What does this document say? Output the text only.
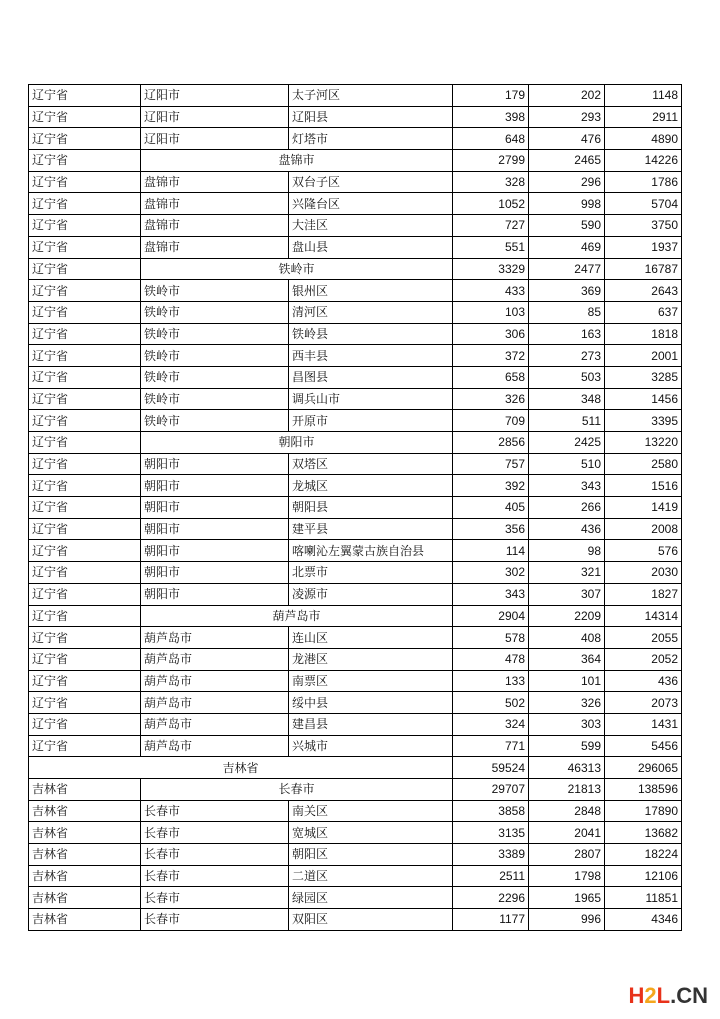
辽宁省	辽阳市	太子河区	179	202	1148
辽宁省	辽阳市	辽阳县	398	293	2911
辽宁省	辽阳市	灯塔市	648	476	4890
辽宁省	盘锦市		2799	2465	14226
辽宁省	盘锦市	双台子区	328	296	1786
辽宁省	盘锦市	兴隆台区	1052	998	5704
辽宁省	盘锦市	大洼区	727	590	3750
辽宁省	盘锦市	盘山县	551	469	1937
辽宁省	铁岭市		3329	2477	16787
辽宁省	铁岭市	银州区	433	369	2643
辽宁省	铁岭市	清河区	103	85	637
辽宁省	铁岭市	铁岭县	306	163	1818
辽宁省	铁岭市	西丰县	372	273	2001
辽宁省	铁岭市	昌图县	658	503	3285
辽宁省	铁岭市	调兵山市	326	348	1456
辽宁省	铁岭市	开原市	709	511	3395
辽宁省	朝阳市		2856	2425	13220
辽宁省	朝阳市	双塔区	757	510	2580
辽宁省	朝阳市	龙城区	392	343	1516
辽宁省	朝阳市	朝阳县	405	266	1419
辽宁省	朝阳市	建平县	356	436	2008
辽宁省	朝阳市	喀喇沁左翼蒙古族自治县	114	98	576
辽宁省	朝阳市	北票市	302	321	2030
辽宁省	朝阳市	凌源市	343	307	1827
辽宁省	葫芦岛市		2904	2209	14314
辽宁省	葫芦岛市	连山区	578	408	2055
辽宁省	葫芦岛市	龙港区	478	364	2052
辽宁省	葫芦岛市	南票区	133	101	436
辽宁省	葫芦岛市	绥中县	502	326	2073
辽宁省	葫芦岛市	建昌县	324	303	1431
辽宁省	葫芦岛市	兴城市	771	599	5456
吉林省			59524	46313	296065
吉林省	长春市		29707	21813	138596
吉林省	长春市	南关区	3858	2848	17890
吉林省	长春市	宽城区	3135	2041	13682
吉林省	长春市	朝阳区	3389	2807	18224
吉林省	长春市	二道区	2511	1798	12106
吉林省	长春市	绿园区	2296	1965	11851
吉林省	长春市	双阳区	1177	996	4346
H2L.CN
